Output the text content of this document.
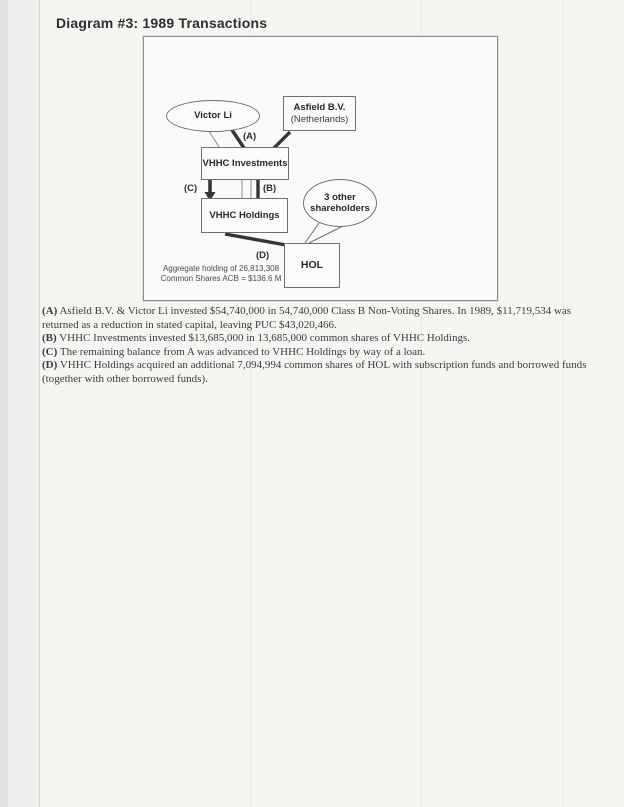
Diagram #3: 1989 Transactions
Victor Li
Asfield B.V.
(Netherlands)
VHHC Investments
VHHC Holdings
3 other
shareholders
HOL
(A)
(C)	(B)
(D)
Aggregate holding of 26,813,308
Common Shares ACB = $136.6 M

(A) Asfield B.V. & Victor Li invested $54,740,000 in 54,740,000 Class B Non-Voting Shares. In 1989, $11,719,534 was returned as a reduction in stated capital, leaving PUC $43,020,466.

(B) VHHC Investments invested $13,685,000 in 13,685,000 common shares of VHHC Holdings.

(C) The remaining balance from A was advanced to VHHC Holdings by way of a loan.

(D) VHHC Holdings acquired an additional 7,094,994 common shares of HOL with subscription funds and borrowed funds (together with other borrowed funds).
